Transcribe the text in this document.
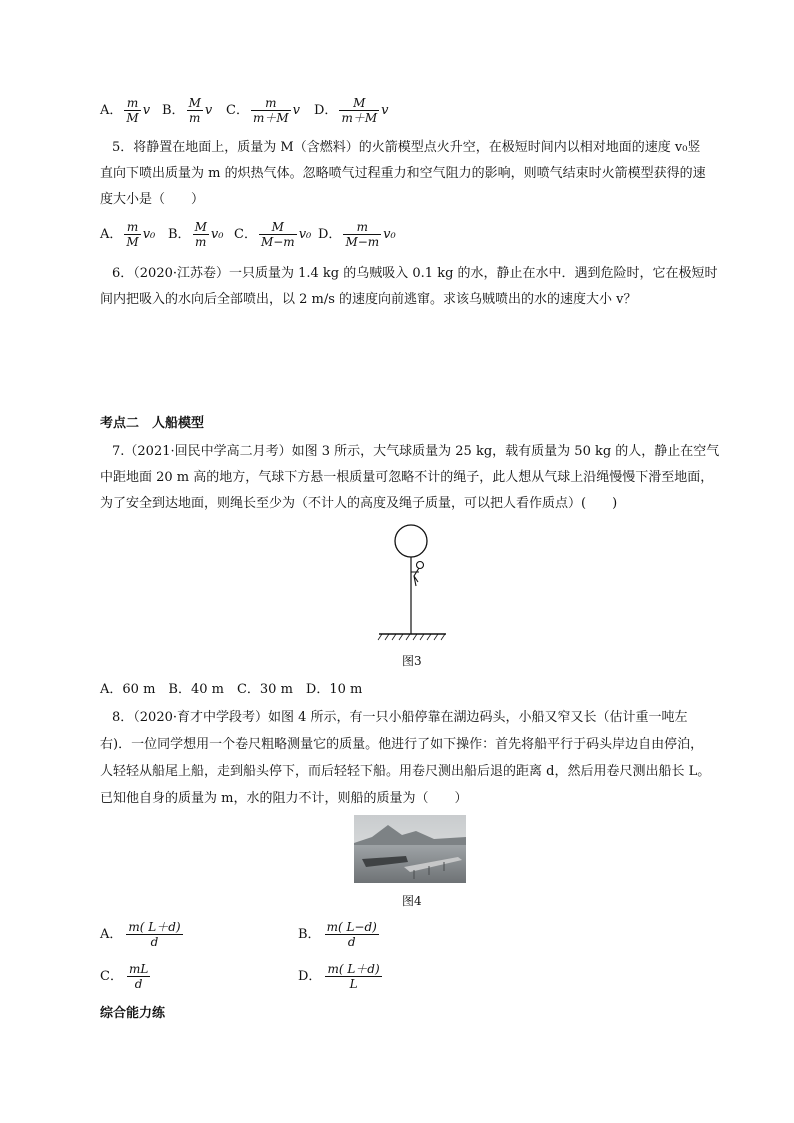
A． $\frac{m}{M}$ v B． $\frac{M}{m}$ v C． $\frac{m}{m+M}$ v D． $\frac{M}{m+M}$ v
5．将静置在地面上，质量为 M（含燃料）的火箭模型点火升空，在极短时间内以相对地面的速度 v₀竖
直向下喷出质量为 m 的炽热气体。忽略喷气过程重力和空气阻力的影响，则喷气结束时火箭模型获得的速
度大小是（　　）
A． $\frac{m}{M} v_0$ B． $\frac{M}{m} v_0$ C． $\frac{M}{M-m} v_0$ D． $\frac{m}{M-m} v_0$
6．（2020·江苏卷）一只质量为 1.4 kg 的乌贼吸入 0.1 kg 的水，静止在水中．遇到危险时，它在极短时
间内把吸入的水向后全部喷出，以 2 m/s 的速度向前逃窜。求该乌贼喷出的水的速度大小 v？
考点二　人船模型
7.（2021·回民中学高二月考）如图 3 所示，大气球质量为 25 kg，载有质量为 50 kg 的人，静止在空气
中距地面 20 m 高的地方，气球下方悬一根质量可忽略不计的绳子，此人想从气球上沿绳慢慢下滑至地面，
为了安全到达地面，则绳长至少为（不计人的高度及绳子质量，可以把人看作质点）(　　)
图3
A．60 m　B．40 m　C．30 m　D．10 m
8．（2020·育才中学段考）如图 4 所示，有一只小船停靠在湖边码头，小船又窄又长（估计重一吨左
右)．一位同学想用一个卷尺粗略测量它的质量。他进行了如下操作：首先将船平行于码头岸边自由停泊，
人轻轻从船尾上船，走到船头停下，而后轻轻下船。用卷尺测出船后退的距离 d，然后用卷尺测出船长 L。
已知他自身的质量为 m，水的阻力不计，则船的质量为（　　）
图4
A． $\frac{m( L+d)}{d}$	B． $\frac{m( L-d)}{d}$
C． $\frac{mL}{d}$	D． $\frac{m( L+d)}{L}$
综合能力练
